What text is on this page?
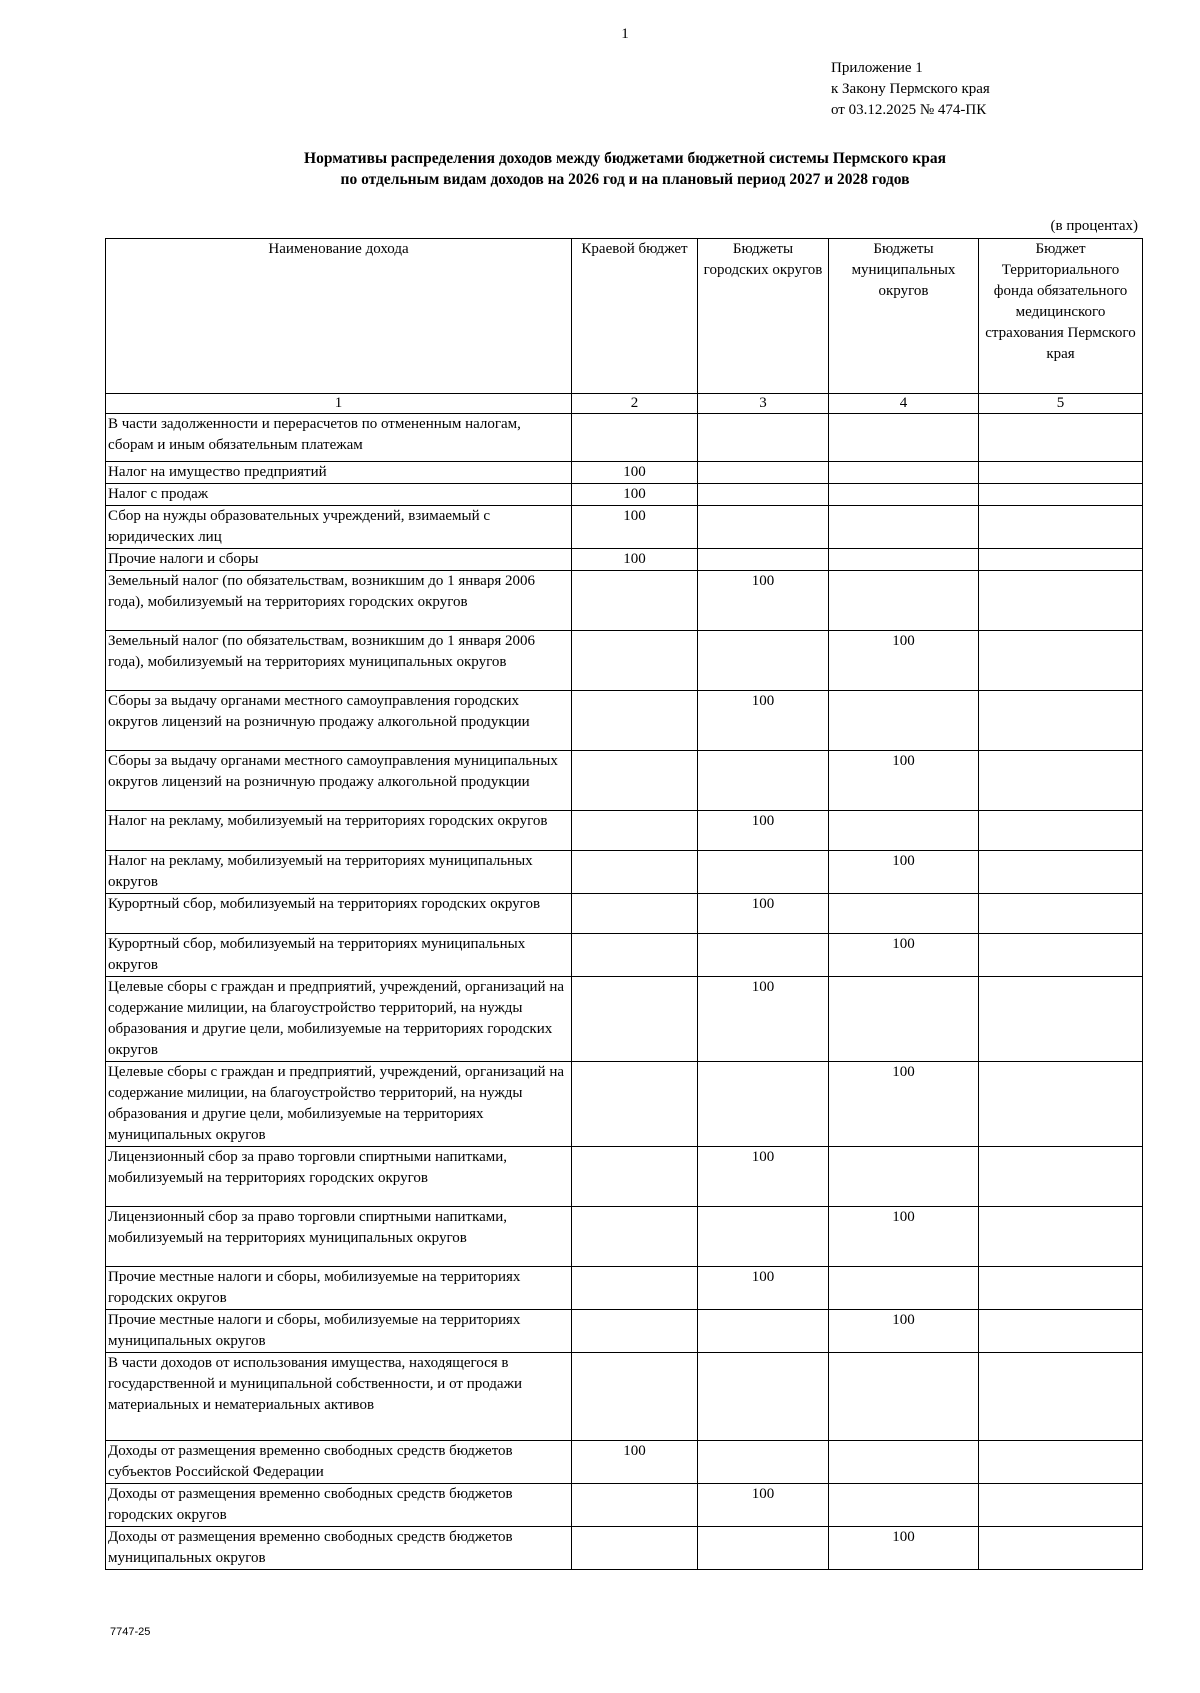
1
Приложение 1
к Закону Пермского края
от 03.12.2025 № 474-ПК
Нормативы распределения доходов между бюджетами бюджетной системы Пермского края
по отдельным видам доходов на 2026 год и на плановый период 2027 и 2028 годов
(в процентах)
Наименование дохода	Краевой бюджет	Бюджеты городских округов	Бюджеты муниципальных округов	Бюджет Территориального фонда обязательного медицинского страхования Пермского края
1	2	3	4	5
В части задолженности и перерасчетов по отмененным налогам, сборам и иным обязательным платежам				
Налог на имущество предприятий	100			
Налог с продаж	100			
Сбор на нужды образовательных учреждений, взимаемый с юридических лиц	100			
Прочие налоги и сборы	100			
Земельный налог (по обязательствам, возникшим до 1 января 2006 года), мобилизуемый на территориях городских округов		100		
Земельный налог (по обязательствам, возникшим до 1 января 2006 года), мобилизуемый на территориях муниципальных округов			100	
Сборы за выдачу органами местного самоуправления городских округов лицензий на розничную продажу алкогольной продукции		100		
Сборы за выдачу органами местного самоуправления муниципальных округов лицензий на розничную продажу алкогольной продукции			100	
Налог на рекламу, мобилизуемый на территориях городских округов		100		
Налог на рекламу, мобилизуемый на территориях муниципальных округов			100	
Курортный сбор, мобилизуемый на территориях городских округов		100		
Курортный сбор, мобилизуемый на территориях муниципальных округов			100	
Целевые сборы с граждан и предприятий, учреждений, организаций на содержание милиции, на благоустройство территорий, на нужды образования и другие цели, мобилизуемые на территориях городских округов		100		
Целевые сборы с граждан и предприятий, учреждений, организаций на содержание милиции, на благоустройство территорий, на нужды образования и другие цели, мобилизуемые на территориях муниципальных округов			100	
Лицензионный сбор за право торговли спиртными напитками, мобилизуемый на территориях городских округов		100		
Лицензионный сбор за право торговли спиртными напитками, мобилизуемый на территориях муниципальных округов			100	
Прочие местные налоги и сборы, мобилизуемые на территориях городских округов		100		
Прочие местные налоги и сборы, мобилизуемые на территориях муниципальных округов			100	
В части доходов от использования имущества, находящегося в государственной и муниципальной собственности, и от продажи материальных и нематериальных активов				
Доходы от размещения временно свободных средств бюджетов субъектов Российской Федерации	100			
Доходы от размещения временно свободных средств бюджетов городских округов		100		
Доходы от размещения временно свободных средств бюджетов муниципальных округов			100	
7747-25
